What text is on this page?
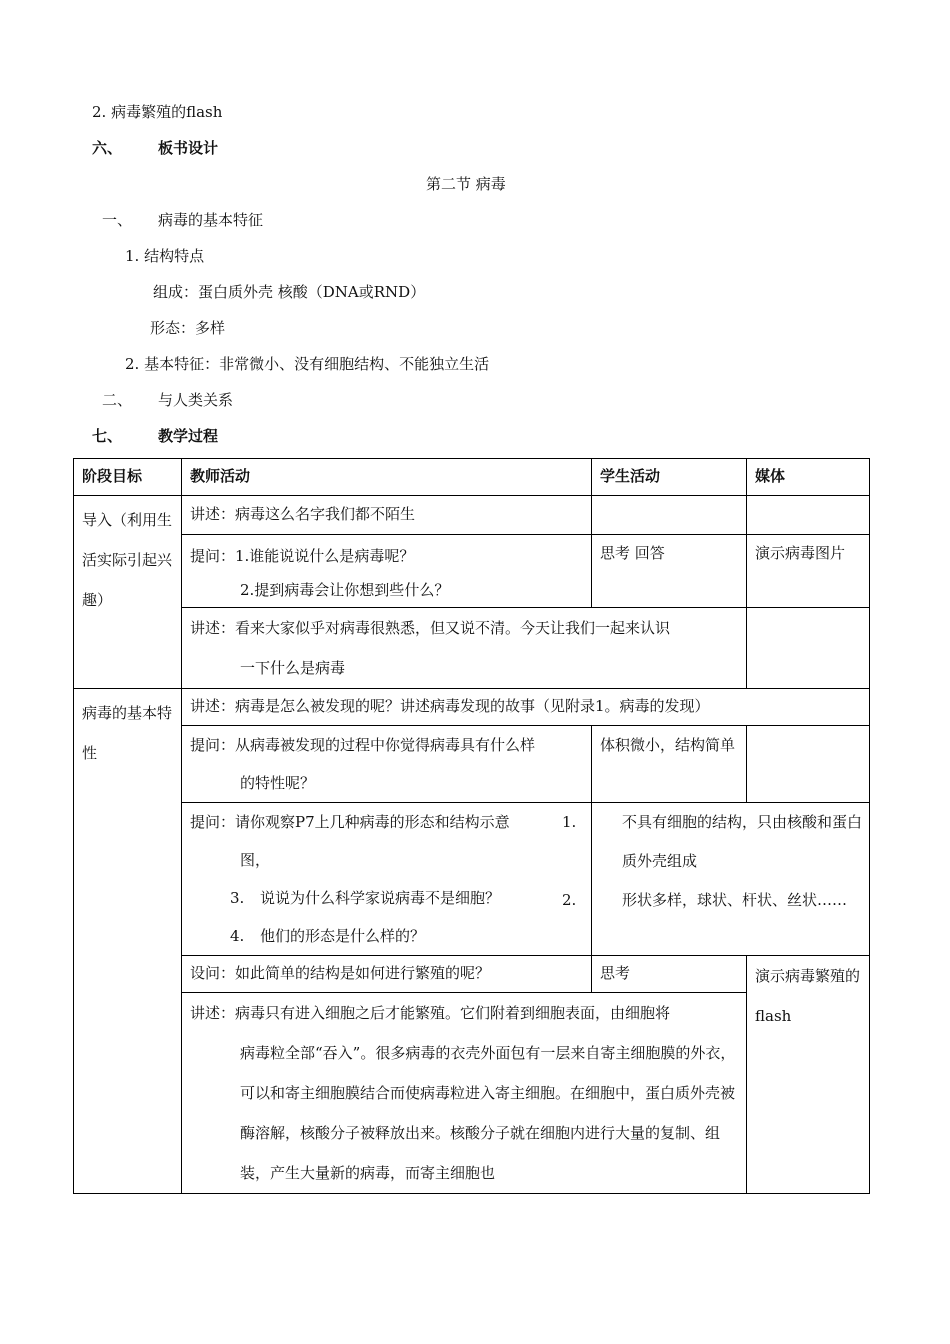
2. 病毒繁殖的flash
六、 板书设计
第二节 病毒
一、 病毒的基本特征
1. 结构特点
组成：蛋白质外壳 核酸（DNA或RND）
形态：多样
2. 基本特征：非常微小、没有细胞结构、不能独立生活
二、 与人类关系
七、 教学过程
阶段目标	教师活动	学生活动	媒体
导入（利用生活实际引起兴趣）	讲述：病毒这么名字我们都不陌生		

	提问：1.谁能说说什么是病毒呢？
2.提到病毒会让你想到些什么？	思考 回答	演示病毒图片

	讲述：看来大家似乎对病毒很熟悉，但又说不清。今天让我们一起来认识
一下什么是病毒		

病毒的基本特性	讲述：病毒是怎么被发现的呢？讲述病毒发现的故事（见附录1。病毒的发现）		

	提问：从病毒被发现的过程中你觉得病毒具有什么样
的特性呢？	体积微小，结构简单	

	提问：请你观察P7上几种病毒的形态和结构示意
图，
3. 说说为什么科学家说病毒不是细胞？
4. 他们的形态是什么样的？	1. 不具有细胞的结构，只由核酸和蛋白质外壳组成
2. 形状多样，球状、杆状、丝状……	

	设问：如此简单的结构是如何进行繁殖的呢？	思考	演示病毒繁殖的flash

	讲述：病毒只有进入细胞之后才能繁殖。它们附着到细胞表面，由细胞将
病毒粒全部“吞入”。很多病毒的衣壳外面包有一层来自寄主细胞膜的外衣，可以和寄主细胞膜结合而使病毒粒进入寄主细胞。在细胞中，蛋白质外壳被酶溶解，核酸分子被释放出来。核酸分子就在细胞内进行大量的复制、组装，产生大量新的病毒，而寄主细胞也		
